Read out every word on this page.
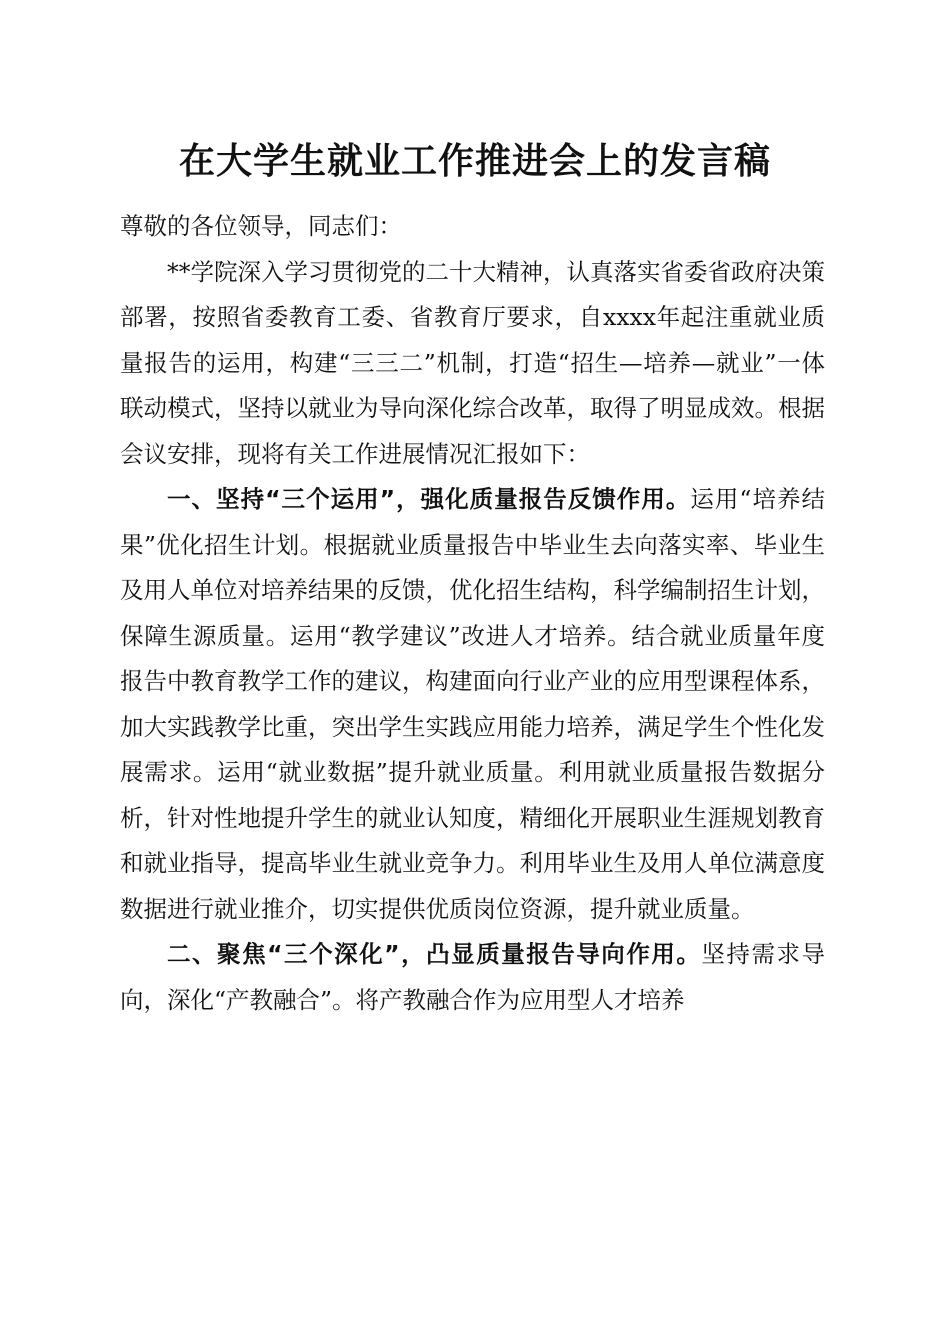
在大学生就业工作推进会上的发言稿

尊敬的各位领导，同志们：

**学院深入学习贯彻党的二十大精神，认真落实省委省政府决策部署，按照省委教育工委、省教育厅要求，自xxxx年起注重就业质量报告的运用，构建“三三二”机制，打造“招生—培养—就业”一体联动模式，坚持以就业为导向深化综合改革，取得了明显成效。根据会议安排，现将有关工作进展情况汇报如下：

一、坚持“三个运用”，强化质量报告反馈作用。运用“培养结果”优化招生计划。根据就业质量报告中毕业生去向落实率、毕业生及用人单位对培养结果的反馈，优化招生结构，科学编制招生计划，保障生源质量。运用“教学建议”改进人才培养。结合就业质量年度报告中教育教学工作的建议，构建面向行业产业的应用型课程体系，加大实践教学比重，突出学生实践应用能力培养，满足学生个性化发展需求。运用“就业数据”提升就业质量。利用就业质量报告数据分析，针对性地提升学生的就业认知度，精细化开展职业生涯规划教育和就业指导，提高毕业生就业竞争力。利用毕业生及用人单位满意度数据进行就业推介，切实提供优质岗位资源，提升就业质量。

二、聚焦“三个深化”，凸显质量报告导向作用。坚持需求导向，深化“产教融合”。将产教融合作为应用型人才培养
